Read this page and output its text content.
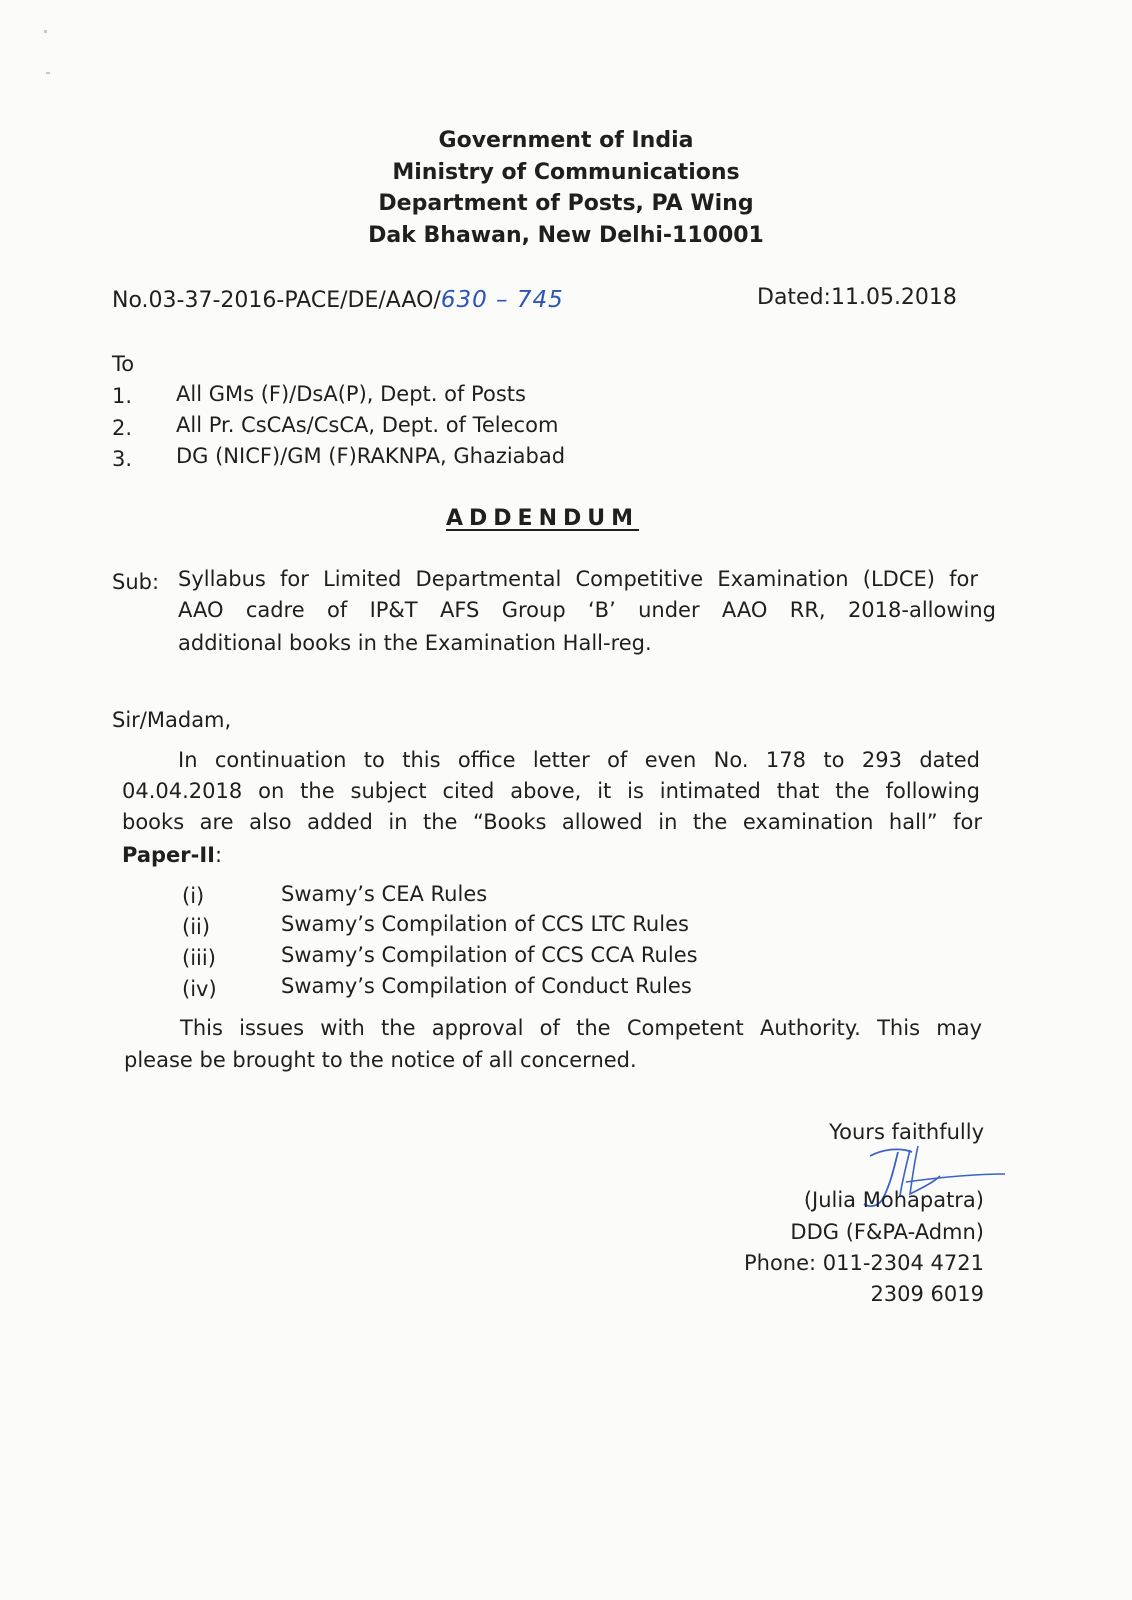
Government of India
Ministry of Communications
Department of Posts, PA Wing
Dak Bhawan, New Delhi-110001
No.03-37-2016-PACE/DE/AAO/630 – 745	Dated:11.05.2018
To
1. All GMs (F)/DsA(P), Dept. of Posts
2. All Pr. CsCAs/CsCA, Dept. of Telecom
3. DG (NICF)/GM (F)RAKNPA, Ghaziabad
ADDENDUM
Sub: Syllabus for Limited Departmental Competitive Examination (LDCE) for
AAO cadre of IP&T AFS Group ‘B’ under AAO RR, 2018-allowing
additional books in the Examination Hall-reg.
Sir/Madam,
In continuation to this office letter of even No. 178 to 293 dated
04.04.2018 on the subject cited above, it is intimated that the following
books are also added in the “Books allowed in the examination hall” for
Paper-II:
(i)	Swamy’s CEA Rules
(ii)	Swamy’s Compilation of CCS LTC Rules
(iii)	Swamy’s Compilation of CCS CCA Rules
(iv)	Swamy’s Compilation of Conduct Rules
This issues with the approval of the Competent Authority. This may
please be brought to the notice of all concerned.
Yours faithfully
(Julia Mohapatra)
DDG (F&PA-Admn)
Phone: 011-2304 4721
2309 6019
